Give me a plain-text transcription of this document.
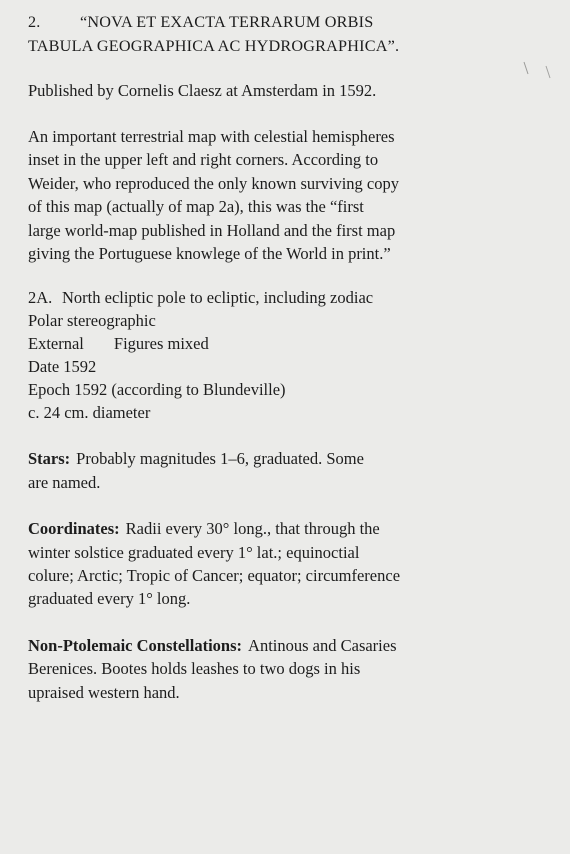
2. “NOVA ET EXACTA TERRARUM ORBIS
TABULA GEOGRAPHICA AC HYDROGRAPHICA”.
Published by Cornelis Claesz at Amsterdam in 1592.
An important terrestrial map with celestial hemispheres
inset in the upper left and right corners. According to
Weider, who reproduced the only known surviving copy
of this map (actually of map 2a), this was the “first
large world-map published in Holland and the first map
giving the Portuguese knowlege of the World in print.”
2A. North ecliptic pole to ecliptic, including zodiac
Polar stereographic
External Figures mixed
Date 1592
Epoch 1592 (according to Blundeville)
c. 24 cm. diameter
Stars: Probably magnitudes 1–6, graduated. Some
are named.
Coordinates: Radii every 30° long., that through the
winter solstice graduated every 1° lat.; equinoctial
colure; Arctic; Tropic of Cancer; equator; circumference
graduated every 1° long.
Non-Ptolemaic Constellations: Antinous and Casaries
Berenices. Bootes holds leashes to two dogs in his
upraised western hand.
